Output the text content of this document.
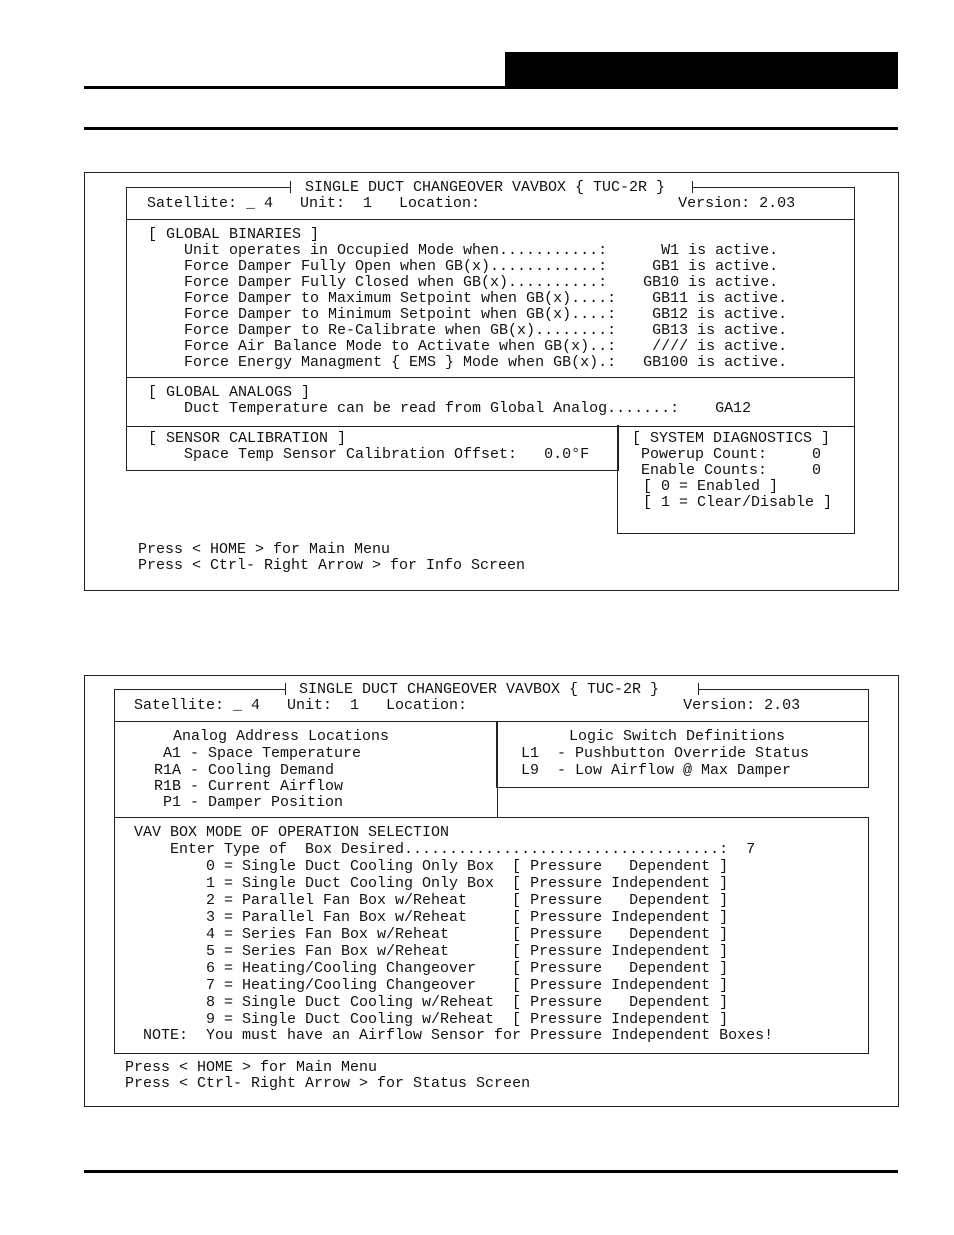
SINGLE DUCT CHANGEOVER VAVBOX { TUC-2R }
Satellite: _ 4   Unit:  1   Location:                      Version: 2.03
[ GLOBAL BINARIES ]
Unit operates in Occupied Mode when...........:      W1 is active.
Force Damper Fully Open when GB(x)............:     GB1 is active.
Force Damper Fully Closed when GB(x)..........:    GB10 is active.
Force Damper to Maximum Setpoint when GB(x)....:    GB11 is active.
Force Damper to Minimum Setpoint when GB(x)....:    GB12 is active.
Force Damper to Re-Calibrate when GB(x)........:    GB13 is active.
Force Air Balance Mode to Activate when GB(x)..:    //// is active.
Force Energy Managment { EMS } Mode when GB(x).:   GB100 is active.
[ GLOBAL ANALOGS ]
Duct Temperature can be read from Global Analog.......:    GA12
[ SENSOR CALIBRATION ]
Space Temp Sensor Calibration Offset:   0.0°F
[ SYSTEM DIAGNOSTICS ]
Powerup Count:     0
Enable Counts:     0
[ 0 = Enabled ]
[ 1 = Clear/Disable ]
Press < HOME > for Main Menu
Press < Ctrl- Right Arrow > for Info Screen
SINGLE DUCT CHANGEOVER VAVBOX { TUC-2R }
Satellite: _ 4   Unit:  1   Location:                        Version: 2.03
Analog Address Locations
A1 - Space Temperature
R1A - Cooling Demand
R1B - Current Airflow
P1 - Damper Position
Logic Switch Definitions
L1  - Pushbutton Override Status
L9  - Low Airflow @ Max Damper
VAV BOX MODE OF OPERATION SELECTION
Enter Type of  Box Desired...................................:  7
0 = Single Duct Cooling Only Box  [ Pressure   Dependent ]
1 = Single Duct Cooling Only Box  [ Pressure Independent ]
2 = Parallel Fan Box w/Reheat     [ Pressure   Dependent ]
3 = Parallel Fan Box w/Reheat     [ Pressure Independent ]
4 = Series Fan Box w/Reheat       [ Pressure   Dependent ]
5 = Series Fan Box w/Reheat       [ Pressure Independent ]
6 = Heating/Cooling Changeover    [ Pressure   Dependent ]
7 = Heating/Cooling Changeover    [ Pressure Independent ]
8 = Single Duct Cooling w/Reheat  [ Pressure   Dependent ]
9 = Single Duct Cooling w/Reheat  [ Pressure Independent ]
NOTE:  You must have an Airflow Sensor for Pressure Independent Boxes!
Press < HOME > for Main Menu
Press < Ctrl- Right Arrow > for Status Screen
